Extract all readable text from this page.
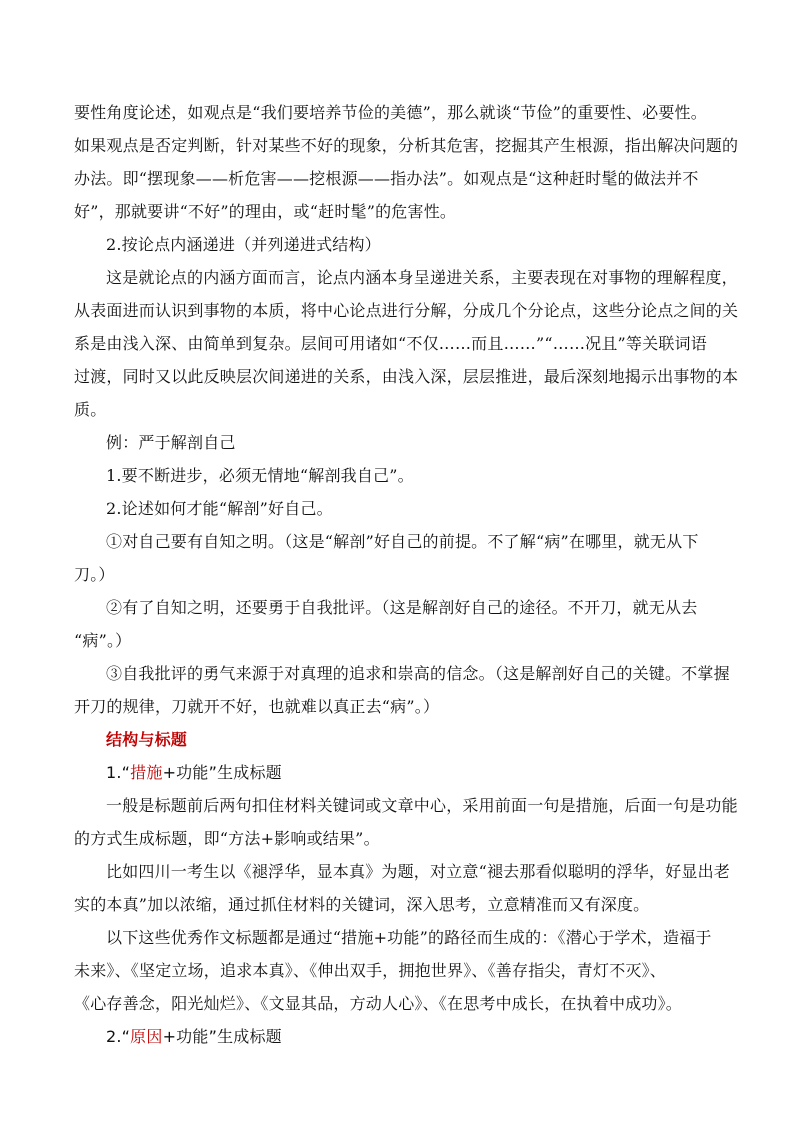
要性角度论述，如观点是“我们要培养节俭的美德”，那么就谈“节俭”的重要性、必要性。
如果观点是否定判断，针对某些不好的现象，分析其危害，挖掘其产生根源，指出解决问题的
办法。即“摆现象——析危害——挖根源——指办法”。如观点是“这种赶时髦的做法并不
好”，那就要讲“不好”的理由，或“赶时髦”的危害性。
2.按论点内涵递进（并列递进式结构）
这是就论点的内涵方面而言，论点内涵本身呈递进关系，主要表现在对事物的理解程度，
从表面进而认识到事物的本质，将中心论点进行分解，分成几个分论点，这些分论点之间的关
系是由浅入深、由简单到复杂。层间可用诸如“不仅……而且……”“……况且”等关联词语
过渡，同时又以此反映层次间递进的关系，由浅入深，层层推进，最后深刻地揭示出事物的本
质。
例：严于解剖自己
1.要不断进步，必须无情地“解剖我自己”。
2.论述如何才能“解剖”好自己。
①对自己要有自知之明。（这是“解剖”好自己的前提。不了解“病”在哪里，就无从下
刀。）
②有了自知之明，还要勇于自我批评。（这是解剖好自己的途径。不开刀，就无从去
“病”。）
③自我批评的勇气来源于对真理的追求和崇高的信念。（这是解剖好自己的关键。不掌握
开刀的规律，刀就开不好，也就难以真正去“病”。）
结构与标题
1.“措施+功能”生成标题
一般是标题前后两句扣住材料关键词或文章中心，采用前面一句是措施，后面一句是功能
的方式生成标题，即“方法+影响或结果”。
比如四川一考生以《褪浮华，显本真》为题，对立意“褪去那看似聪明的浮华，好显出老
实的本真”加以浓缩，通过抓住材料的关键词，深入思考，立意精准而又有深度。
以下这些优秀作文标题都是通过“措施+功能”的路径而生成的：《潜心于学术，造福于
未来》、《坚定立场，追求本真》、《伸出双手，拥抱世界》、《善存指尖，青灯不灭》、
《心存善念，阳光灿烂》、《文显其品，方动人心》、《在思考中成长，在执着中成功》。
2.“原因+功能”生成标题
